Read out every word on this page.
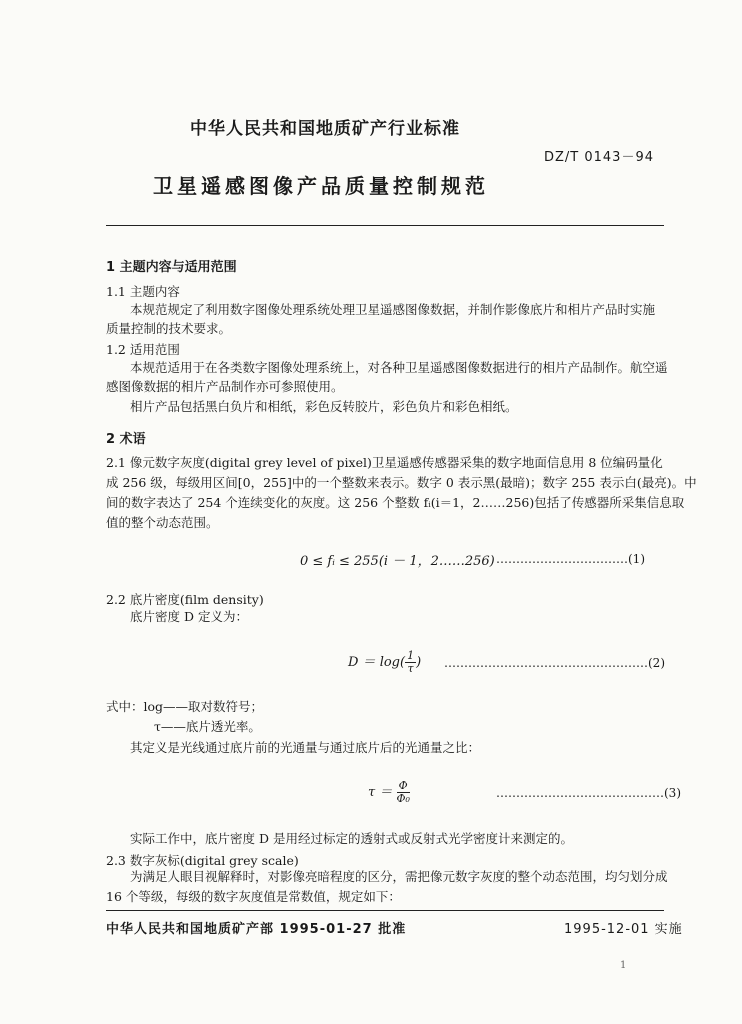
中华人民共和国地质矿产行业标准
DZ/T 0143－94
卫星遥感图像产品质量控制规范
1 主题内容与适用范围
1.1 主题内容
本规范规定了利用数字图像处理系统处理卫星遥感图像数据，并制作影像底片和相片产品时实施
质量控制的技术要求。
1.2 适用范围
本规范适用于在各类数字图像处理系统上，对各种卫星遥感图像数据进行的相片产品制作。航空遥
感图像数据的相片产品制作亦可参照使用。
相片产品包括黑白负片和相纸，彩色反转胶片，彩色负片和彩色相纸。
2 术语
2.1 像元数字灰度(digital grey level of pixel)卫星遥感传感器采集的数字地面信息用 8 位编码量化
成 256 级，每级用区间[0，255]中的一个整数来表示。数字 0 表示黑(最暗)；数字 255 表示白(最亮)。中
间的数字表达了 254 个连续变化的灰度。这 256 个整数 fᵢ(i＝1，2……256)包括了传感器所采集信息取
值的整个动态范围。
0 ≤ fᵢ ≤ 255(i － 1，2……256) ……………………………(1)
2.2 底片密度(film density)
底片密度 D 定义为：
$D = \log( \frac{1}{\tau}$ ) ……………………………………………(2)
式中：log——取对数符号；
τ——底片透光率。
其定义是光线通过底片前的光通量与通过底片后的光通量之比：
$\tau = \frac{\Phi}{\text{Φ₀}}$	……………………………………(3)
实际工作中，底片密度 D 是用经过标定的透射式或反射式光学密度计来测定的。
2.3 数字灰标(digital grey scale)
为满足人眼目视解释时，对影像亮暗程度的区分，需把像元数字灰度的整个动态范围，均匀划分成
16 个等级，每级的数字灰度值是常数值，规定如下：
中华人民共和国地质矿产部 1995-01-27 批准	1995-12-01 实施
1
